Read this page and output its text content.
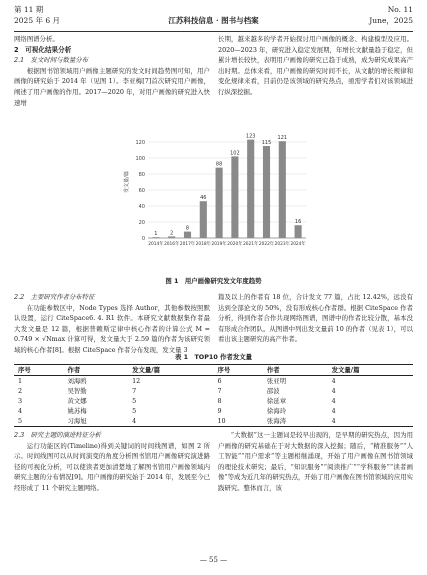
第 11 期
2025 年 6 月	江苏科技信息 · 图书与档案
No. 11
June，2025

网络图谱分析。

2　可视化结果分析

2.1　发文时间与数量分布

根据图书馆领域用户画像主题研究的发文时间趋势图可知，用户画像的研究始于 2014 年（见图 1）。李亚梅[7]首次研究用户画像，阐述了用户画像的作用。2017—2020 年，对用户画像的研究进入快速增

长期，越来越多的学者开始探讨用户画像的概念、构建模型及应用。2020—2023 年，研究进入稳定发展期，年增长文献量趋于稳定，但累计增长较快，表明用户画像的研究已趋于成熟，成为研究成果高产出时期。总体来看，用户画像的研究时间不长，从文献的增长规律和变化规律来看，目前仍是该领域的研究热点，亟需学者们对该领域进行纵深挖掘。

0
20
40
60
80
100
120
1
2014年
2
2016年
8
2017年
46
2018年
88
2019年
102
2020年
123
2021年
115
2022年
121
2023年
16
2024年
发文量/篇
图 1　用户画像研究发文年度趋势

2.2　主要研究作者分布特征

在功能参数区中，Node Types 选择 Author，其他参数按照默认设置，运行 CiteSpace6. 4. R1 软件。本研究文献数据集作者最大发文量是 12 篇，根据普赖斯定律中核心作者的计算公式 M = 0.749 × √Nmax 计算可得，发文量大于 2.59 篇的作者为该研究领域的核心作者[8]。根据 CiteSpace 作者分布发现，发文量 3

篇及以上的作者有 18 位，合计发文 77 篇，占比 12.42%，远没有达到全部论文的 50%，没有形成核心作者群。根据 CiteSpace 作者分析，得到作者合作共现网络图谱，图谱中的作者比较分散，基本没有形成合作团队。从图谱中列出发文量前 10 的作者（见表 1），可以看出该主题研究的高产作者。

表 1　TOP10 作者发文量
序号	作者	发文量/篇	序号	作者	发文量/篇
1	刘海鸥	12	6	张亚明	4
2	吴智勤	7	7	邵波	4
3	黄文娜	5	8	徐延章	4
4	姚苏梅	5	9	徐海玲	4
5	习海旭	4	10	张海涛	4

2.3　研究主题的演进特征分析

运行功能区的(Timeline)得到关键词的时间线图谱，如图 2 所示。时间线图可以从时间演变的角度分析图书馆用户画像研究演进路径的可视化分析，可以使读者更加清楚地了解图书馆用户画像领域内研究主题的分布情况[9]。用户画像的研究始于 2014 年，发展至今已经形成了 11 个研究主题网络。

“大数据”这一主题词是较早出现的，是早期的研究热点，因为用户画像的研究基础在于对大数据的深入挖掘；随后，“精准服务”“人工智能”“用户需求”等主题相继涌现，开始了用户画像在图书馆领域的理论技术研究；最后，“知识服务”“阅读推广”“学科服务”“读者画像”等成为近几年的研究热点，开始了用户画像在图书馆领域的应用实践研究。整体而言，该

— 55 —
